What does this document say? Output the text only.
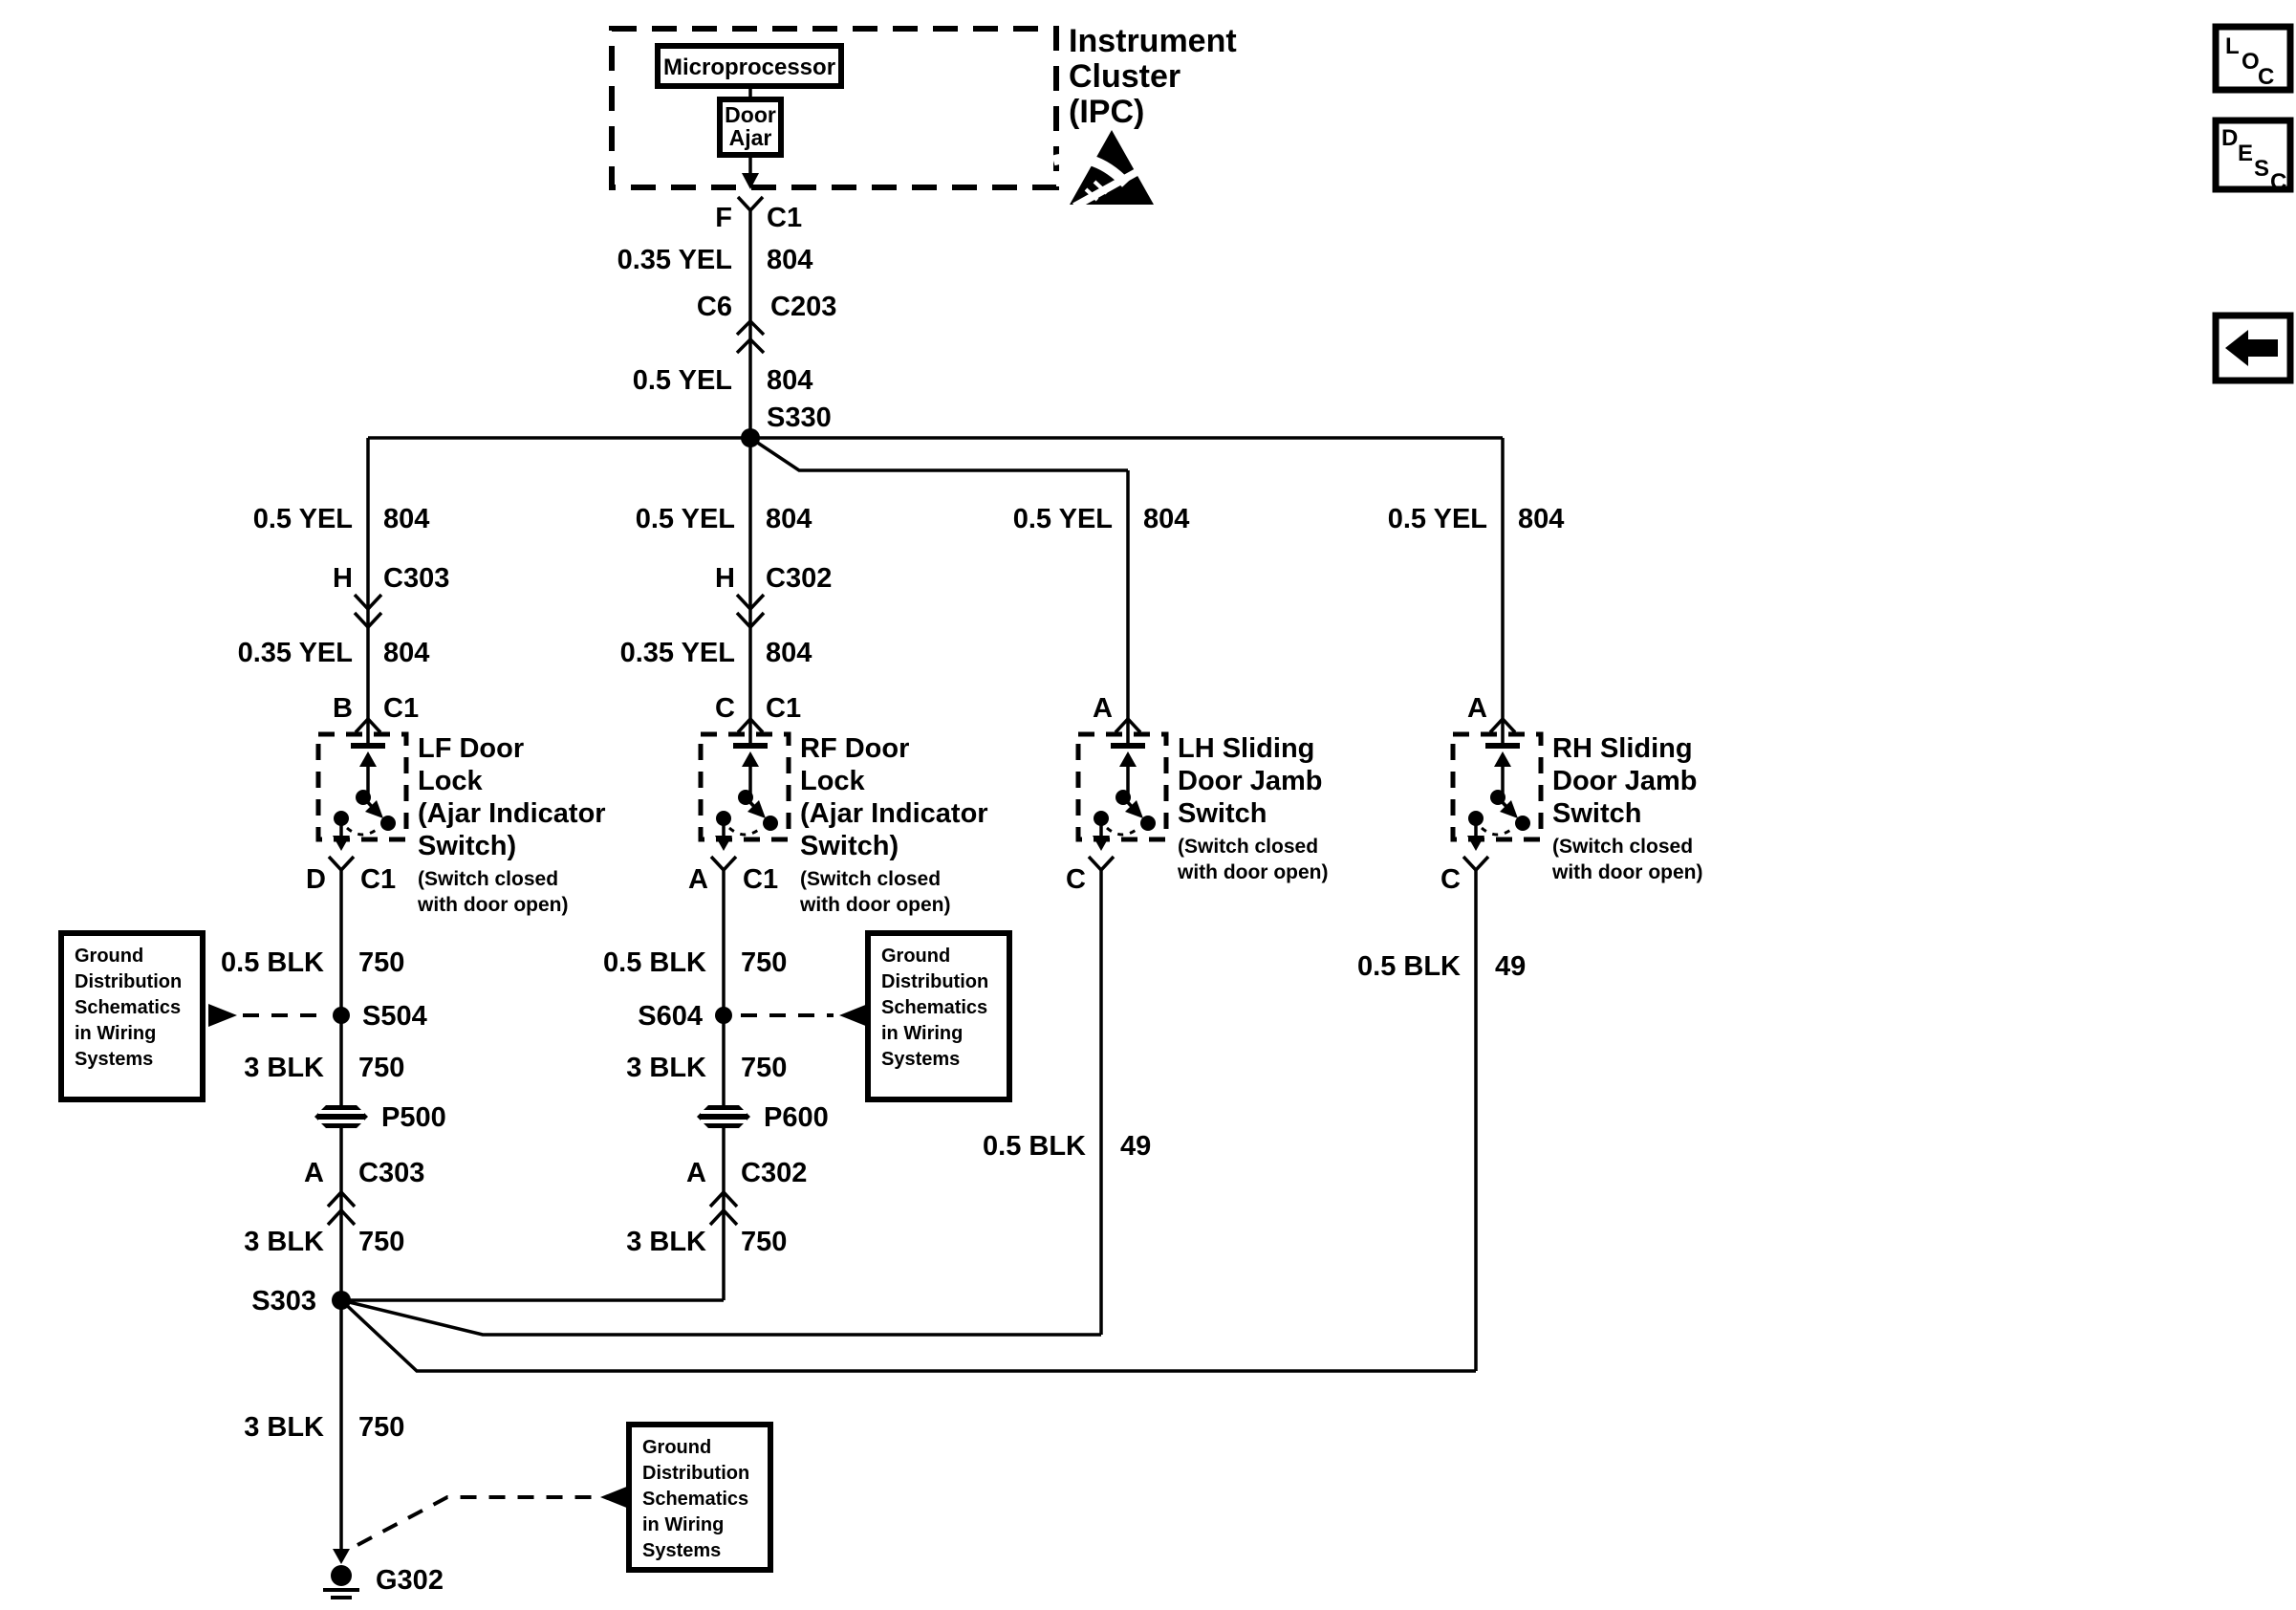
Microprocessor
Door
Ajar
Instrument
Cluster
(IPC)
F C1
0.35 YEL 804
C6 C203
0.5 YEL 804
S330
0.5 YEL 804
H C303
0.35 YEL 804
B C1
LF Door
Lock
(Ajar Indicator
Switch)
(Switch closed
with door open)
D C1
0.5 BLK 750
S504
3 BLK 750
P500
A C303
3 BLK 750
Ground
Distribution
Schematics
in Wiring
Systems
0.5 YEL 804
H C302
0.35 YEL 804
C C1
RF Door
Lock
(Ajar Indicator
Switch)
(Switch closed
with door open)
A C1
0.5 BLK 750
S604
3 BLK 750
P600
A C302
3 BLK 750
Ground
Distribution
Schematics
in Wiring
Systems
0.5 YEL 804
A
LH Sliding
Door Jamb
Switch
(Switch closed
with door open)
C
0.5 BLK 49
0.5 YEL 804
A
RH Sliding
Door Jamb
Switch
(Switch closed
with door open)
C
0.5 BLK 49
S303
3 BLK 750
G302
Ground
Distribution
Schematics
in Wiring
Systems
L
O
C
D
E
S
C
